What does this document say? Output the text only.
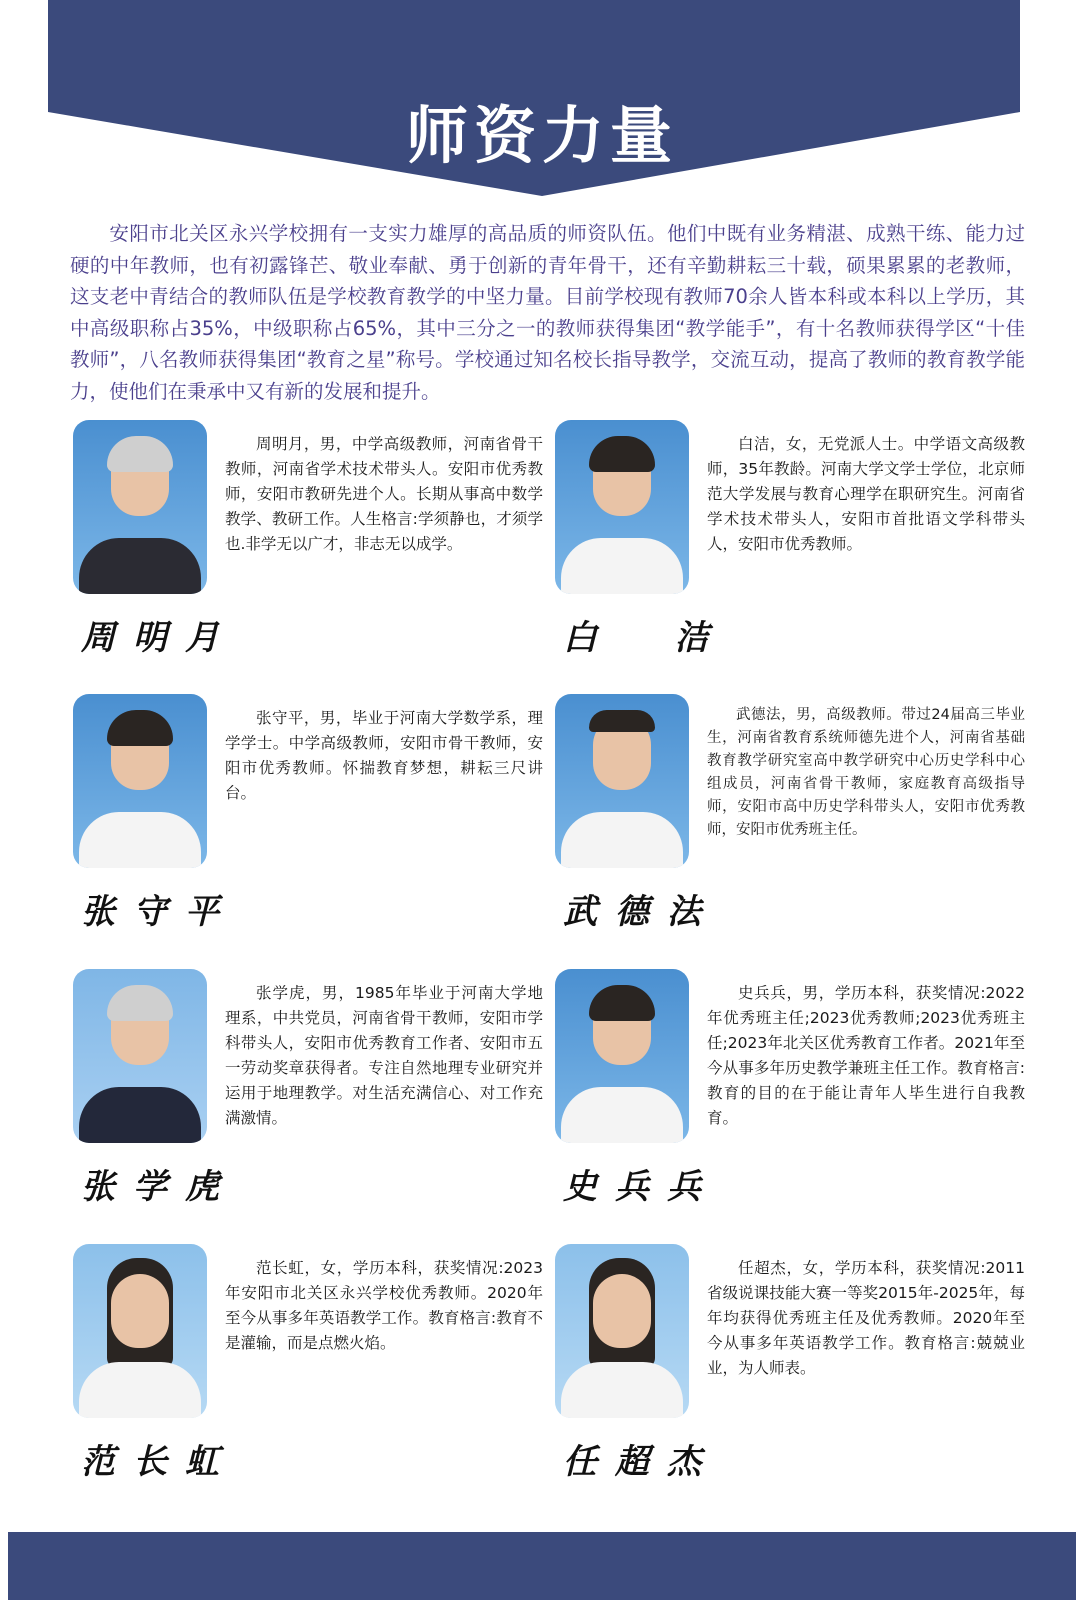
师资力量
安阳市北关区永兴学校拥有一支实力雄厚的高品质的师资队伍。他们中既有业务精湛、成熟干练、能力过硬的中年教师，也有初露锋芒、敬业奉献、勇于创新的青年骨干，还有辛勤耕耘三十载，硕果累累的老教师，这支老中青结合的教师队伍是学校教育教学的中坚力量。目前学校现有教师70余人皆本科或本科以上学历，其中高级职称占35%，中级职称占65%，其中三分之一的教师获得集团“教学能手”，有十名教师获得学区“十佳教师”，八名教师获得集团“教育之星”称号。学校通过知名校长指导教学，交流互动，提高了教师的教育教学能力，使他们在秉承中又有新的发展和提升。
周明月，男，中学高级教师，河南省骨干教师，河南省学术技术带头人。安阳市优秀教师，安阳市教研先进个人。长期从事高中数学教学、教研工作。人生格言:学须静也，才须学也.非学无以广才，非志无以成学。
周明月
白洁，女，无党派人士。中学语文高级教师，35年教龄。河南大学文学士学位，北京师范大学发展与教育心理学在职研究生。河南省学术技术带头人，安阳市首批语文学科带头人，安阳市优秀教师。
白  洁
张守平，男，毕业于河南大学数学系，理学学士。中学高级教师，安阳市骨干教师，安阳市优秀教师。怀揣教育梦想，耕耘三尺讲台。
张守平
武德法，男，高级教师。带过24届高三毕业生，河南省教育系统师德先进个人，河南省基础教育教学研究室高中教学研究中心历史学科中心组成员，河南省骨干教师，家庭教育高级指导师，安阳市高中历史学科带头人，安阳市优秀教师，安阳市优秀班主任。
武德法
张学虎，男，1985年毕业于河南大学地理系，中共党员，河南省骨干教师，安阳市学科带头人，安阳市优秀教育工作者、安阳市五一劳动奖章获得者。专注自然地理专业研究并运用于地理教学。对生活充满信心、对工作充满激情。
张学虎
史兵兵，男，学历本科，获奖情况:2022年优秀班主任;2023优秀教师;2023优秀班主任;2023年北关区优秀教育工作者。2021年至今从事多年历史教学兼班主任工作。教育格言:教育的目的在于能让青年人毕生进行自我教育。
史兵兵
范长虹，女，学历本科，获奖情况:2023年安阳市北关区永兴学校优秀教师。2020年至今从事多年英语教学工作。教育格言:教育不是灌输，而是点燃火焰。
范长虹
任超杰，女，学历本科，获奖情况:2011省级说课技能大赛一等奖2015年-2025年，每年均获得优秀班主任及优秀教师。2020年至今从事多年英语教学工作。教育格言:兢兢业业，为人师表。
任超杰
